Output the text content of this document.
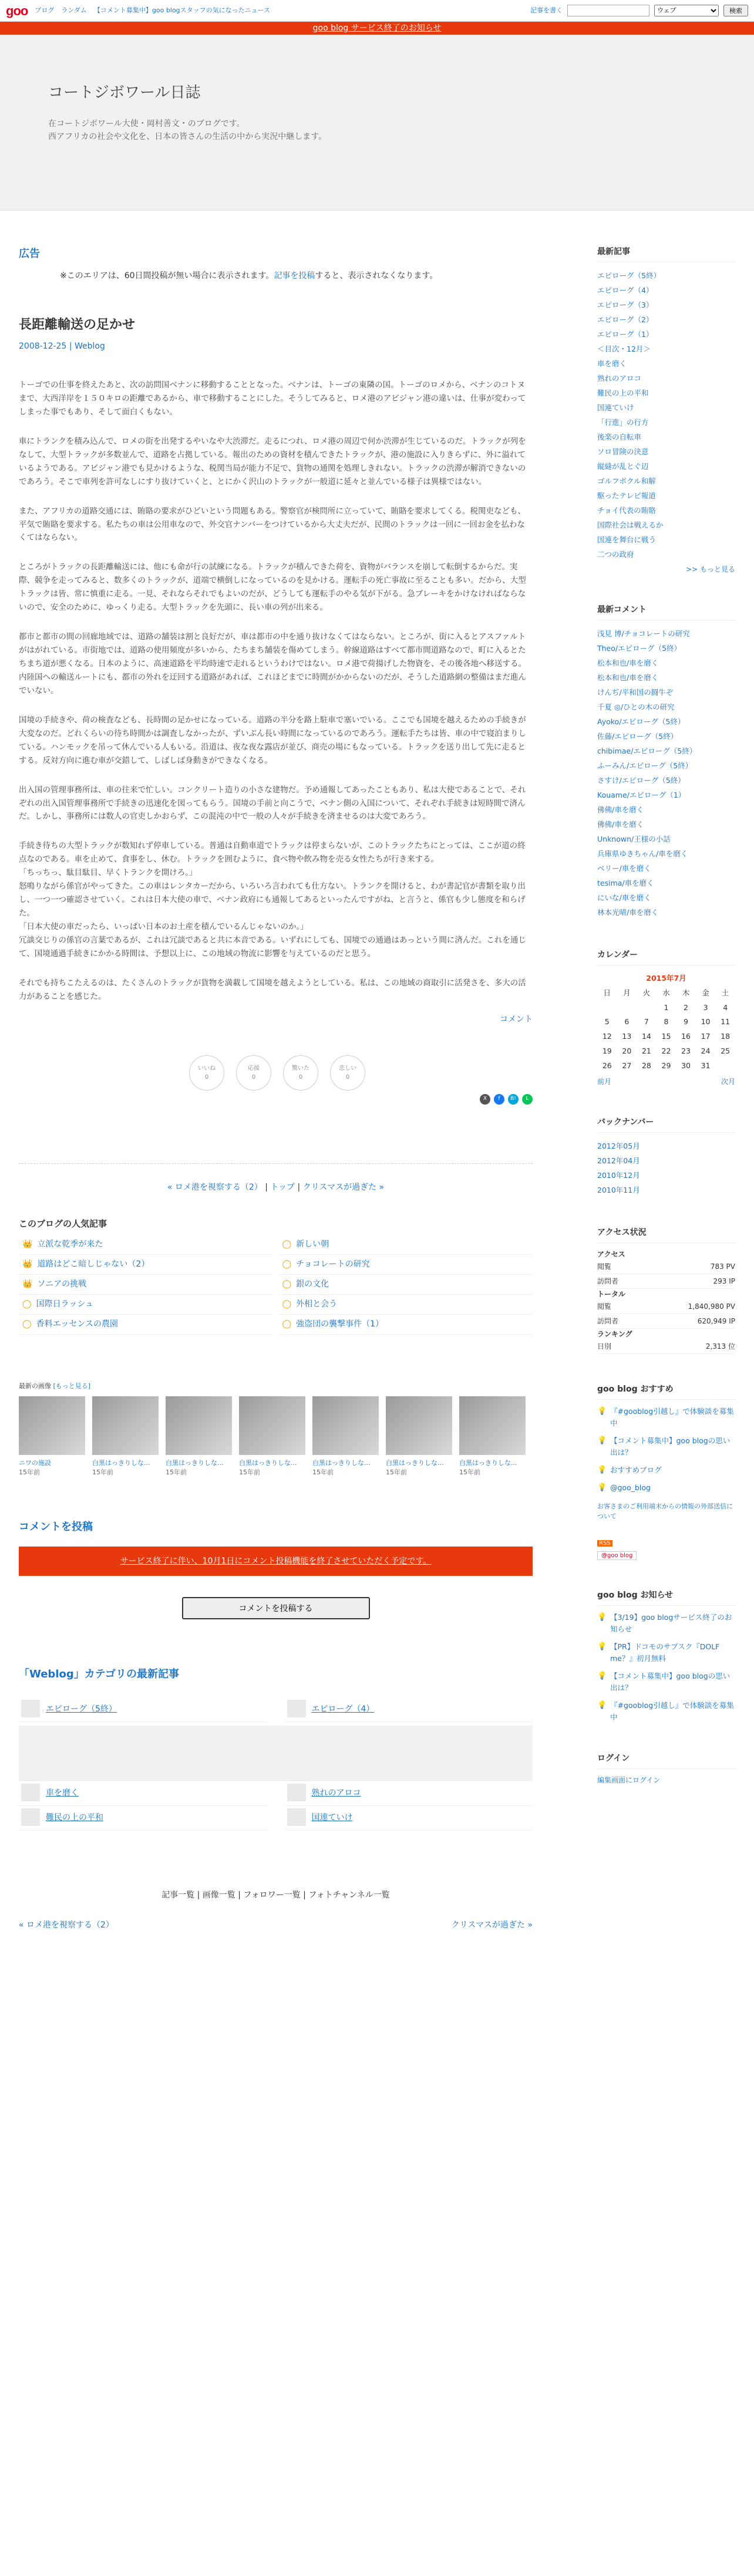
goo ブログ ランダム 【コメント募集中】goo blogスタッフの気になったニュース	記事を書く
ウェブ	検索
goo blog サービス終了のお知らせ
コートジボワール日誌

在コートジボワール大使・岡村善文・のブログです。
西アフリカの社会や文化を、日本の皆さんの生活の中から実況中継します。

広告
※このエリアは、60日間投稿が無い場合に表示されます。記事を投稿すると、表示されなくなります。
長距離輸送の足かせ
2008-12-25 | Weblog

トーゴでの仕事を終えたあと、次の訪問国ベナンに移動することとなった。ベナンは、トーゴの東隣の国。トーゴのロメから、ベナンのコトヌまで、大西洋岸を１５０キロの距離であるから、車で移動することにした。そうしてみると、ロメ港のアビジャン港の違いは、仕事が変わってしまった事でもあり、そして面白くもない。

車にトランクを積み込んで、ロメの街を出発するやいなや大渋滞だ。走るにつれ、ロメ港の周辺で何か渋滞が生じているのだ。トラックが列をなして、大型トラックが多数並んで、道路を占拠している。報出のための資材を積んできたトラックが、港の施設に入りきらずに、外に溢れているようである。アビジャン港でも見かけるような、税関当局が能力不足で、貨物の通関を処理しきれない。トラックの渋滞が解消できないのであろう。そこで車列を許可なしにすり抜けていくと、とにかく沢山のトラックが一般道に延々と並んでいる様子は異様ではない。

また、アフリカの道路交通には、賄賂の要求がひどいという問題もある。警察官が検問所に立っていて、賄賂を要求してくる。税関吏なども、平気で賄賂を要求する。私たちの車は公用車なので、外交官ナンバーをつけているから大丈夫だが、民間のトラックは一回に一回お金を払わなくてはならない。

ところがトラックの長距離輸送には、他にも命が行の試練になる。トラックが積んできた荷を、資物がバランスを崩して転倒するからだ。実際、競争を走ってみると、数多くのトラックが、道端で横倒しになっているのを見かける。運転手の死亡事故に至ることも多い。だから、大型トラックは皆、常に慎重に走る。一見、それならそれでもよいのだが、どうしても運転手のやる気が下がる。急ブレーキをかけなければならないので、安全のために、ゆっくり走る。大型トラックを先頭に、長い車の列が出来る。

都市と都市の間の回廊地域では、道路の舗装は割と良好だが、車は都市の中を通り抜けなくてはならない。ところが、街に入るとアスファルトがはがれている。市街地では、道路の使用頻度が多いから、たちまち舗装を傷めてしまう。幹線道路はすべて都市間道路なので、町に入るとたちまち道が悪くなる。日本のように、高速道路を平均時速で走れるというわけではない。ロメ港で荷揚げした物資を、その後各地へ移送する。内陸国への輸送ルートにも、都市の外れを迂回する道路があれば、これほどまでに時間がかからないのだが、そうした道路網の整備はまだ進んでいない。

国境の手続きや、荷の検査なども、長時間の足かせになっている。道路の半分を路上駐車で塞いでいる。ここでも国境を越えるための手続きが大変なのだ。どれくらいの待ち時間かは調査しなかったが、ずいぶん長い時間になっているのであろう。運転手たちは皆、車の中で寝泊まりしている。ハンモックを吊って休んでいる人もいる。沿道は、夜な夜な露店が並び、商売の場にもなっている。トラックを送り出して先に走るとする。反対方向に進む車が交錯して、しばしば身動きができなくなる。

出入国の管理事務所は、車の往来で忙しい。コンクリート造りの小さな建物だ。予め通報してあったこともあり、私は大使であることで、それぞれの出入国管理事務所で手続きの迅速化を図ってもらう。国境の手前と向こうで、ベナン側の入国について、それぞれ手続きは短時間で済んだ。しかし、事務所には数人の官吏しかおらず、この混沌の中で一般の人々が手続きを済ませるのは大変であろう。

手続き待ちの大型トラックが数知れず停車している。普通は自動車道でトラックは停まらないが、このトラックたちにとっては、ここが道の終点なのである。車を止めて、食事をし、休む。トラックを囲むように、食べ物や飲み物を売る女性たちが行き来する。

「ちっちっ、駄目駄目、早くトランクを開けろ。」

怒鳴りながら係官がやってきた。この車はレンタカーだから、いろいろ言われても仕方ない。トランクを開けると、わが書記官が書類を取り出し、一つ一つ確認させていく。これは日本大使の車で、ベナン政府にも通報してあるといったんですがね、と言うと、係官も少し態度を和らげた。

「日本大使の車だったら、いっぱい日本のお土産を積んでいるんじゃないのか。」

冗談交じりの係官の言葉であるが、これは冗談であると共に本音である。いずれにしても、国境での通過はあっという間に済んだ。これを通じて、国境通過手続きにかかる時間は、予想以上に、この地域の物流に影響を与えているのだと思う。

それでも持ちこたえるのは、たくさんのトラックが貨物を満載して国境を越えようとしている。私は、この地域の商取引に活発さを、多大の活力があることを感じた。

コメント
いいね
0
応援
0
驚いた
0
悲しい
0
X	f	B!	L
« ロメ港を視察する（2） | トップ | クリスマスが過ぎた »
このブログの人気記事
👑 立派な乾季が来た	◯ 新しい朝
👑 道路はどこ暗しじゃない（2）	◯ チョコレートの研究
👑 ソニアの挑戦	◯ 銀の文化
◯ 国際日ラッシュ	◯ 外相と会う
◯ 香料エッセンスの農園	◯ 強盗団の襲撃事件（1）
最新の画像 [もっと見る]
ニワの施設
15年前
白黒はっきりしな...
15年前
白黒はっきりしな...
15年前
白黒はっきりしな...
15年前
白黒はっきりしな...
15年前
白黒はっきりしな...
15年前
白黒はっきりしな...
15年前
コメントを投稿
サービス終了に伴い、10月1日にコメント投稿機能を終了させていただく予定です。
コメントを投稿する
「Weblog」カテゴリの最新記事
エピローグ（5終）	エピローグ（4）
車を磨く	熟れのアロコ
難民の上の平和	国連ていけ
記事一覧 | 画像一覧 | フォロワー一覧 | フォトチャンネル一覧
« ロメ港を視察する（2）	クリスマスが過ぎた »
最新記事
エピローグ（5終）
エピローグ（4）
エピローグ（3）
エピローグ（2）
エピローグ（1）
＜目次・12月＞
車を磨く
熟れのアロコ
難民の上の平和
国連ていけ
「行進」の行方
後楽の自転車
ソロ冒険の決意
縦縫が乱とぐ辺
ゴルフボクル和解
駆ったテレビ報道
チョイ代表の賄賂
国際社会は戦えるか
国連を舞台に戦う
二つの政府
>> もっと見る
最新コメント
浅見 博/チョコレートの研究
Theo/エピローグ（5終）
松本和也/車を磨く
松本和也/車を磨く
けんぢ/平和国の闘牛ぞ
千夏 ◎/ひとの木の研究
Ayoko/エピローグ（5終）
佐藤/エピローグ（5終）
chibimae/エピローグ（5終）
ふーみん/エピローグ（5終）
さすけ/エピローグ（5終）
Kouame/エピローグ（1）
佛佛/車を磨く
佛佛/車を磨く
Unknown/王様の小話
兵庫県ゆきちゃん/車を磨く
ベリー/車を磨く
tesima/車を磨く
にいな/車を磨く
林本光晴/車を磨く
カレンダー
2015年7月						
日	月	火	水	木	金	土
			1	2	3	4
5	6	7	8	9	10	11
12	13	14	15	16	17	18
19	20	21	22	23	24	25
26	27	28	29	30	31	
前月	次月
バックナンバー
2012年05月
2012年04月
2010年12月
2010年11月
アクセス状況

アクセス

閲覧	783 PV
訪問者	293 IP

トータル

閲覧	1,840,980 PV
訪問者	620,949 IP

ランキング

日別	2,313 位
goo blog おすすめ
💡 『#gooblog引越し』で体験談を募集中
💡 【コメント募集中】goo blogの思い出は？
💡 おすすめブログ
💡 @goo_blog

お客さまのご利用端末からの情報の外部送信について

RSS

@goo blog

goo blog お知らせ
💡 【3/19】goo blogサービス終了のお知らせ
💡 【PR】ドコモのサプスク『DOLF me？』初月無料
💡 【コメント募集中】goo blogの思い出は？
💡 『#gooblog引越し』で体験談を募集中
ログイン
編集画面にログイン
